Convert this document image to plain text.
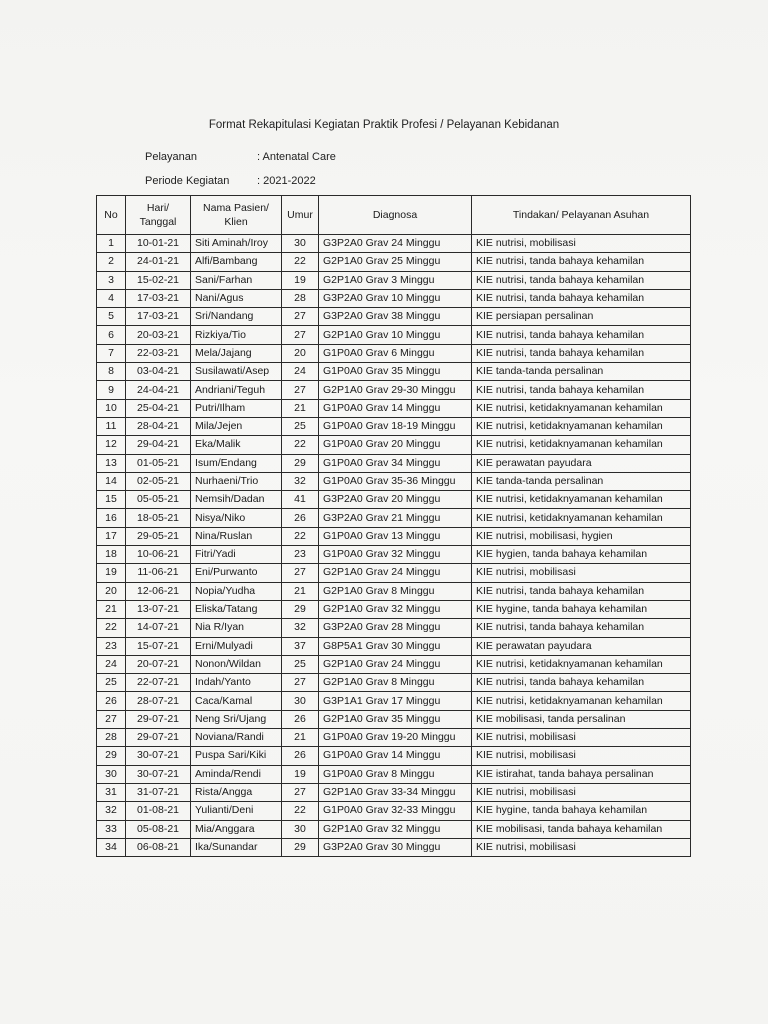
Format Rekapitulasi Kegiatan Praktik Profesi / Pelayanan Kebidanan
Pelayanan	: Antenatal Care
Periode Kegiatan	: 2021-2022
No	Hari/ Tanggal	Nama Pasien/ Klien	Umur	Diagnosa	Tindakan/ Pelayanan Asuhan
1	10-01-21	Siti Aminah/Iroy	30	G3P2A0 Grav 24 Minggu	KIE nutrisi, mobilisasi
2	24-01-21	Alfi/Bambang	22	G2P1A0 Grav 25 Minggu	KIE nutrisi, tanda bahaya kehamilan
3	15-02-21	Sani/Farhan	19	G2P1A0 Grav 3 Minggu	KIE nutrisi, tanda bahaya kehamilan
4	17-03-21	Nani/Agus	28	G3P2A0 Grav 10 Minggu	KIE nutrisi, tanda bahaya kehamilan
5	17-03-21	Sri/Nandang	27	G3P2A0 Grav 38 Minggu	KIE persiapan persalinan
6	20-03-21	Rizkiya/Tio	27	G2P1A0 Grav 10 Minggu	KIE nutrisi, tanda bahaya kehamilan
7	22-03-21	Mela/Jajang	20	G1P0A0 Grav 6 Minggu	KIE nutrisi, tanda bahaya kehamilan
8	03-04-21	Susilawati/Asep	24	G1P0A0 Grav 35 Minggu	KIE tanda-tanda persalinan
9	24-04-21	Andriani/Teguh	27	G2P1A0 Grav 29-30 Minggu	KIE nutrisi, tanda bahaya kehamilan
10	25-04-21	Putri/Ilham	21	G1P0A0 Grav 14 Minggu	KIE nutrisi, ketidaknyamanan kehamilan
11	28-04-21	Mila/Jejen	25	G1P0A0 Grav 18-19 Minggu	KIE nutrisi, ketidaknyamanan kehamilan
12	29-04-21	Eka/Malik	22	G1P0A0 Grav 20 Minggu	KIE nutrisi, ketidaknyamanan kehamilan
13	01-05-21	Isum/Endang	29	G1P0A0 Grav 34 Minggu	KIE perawatan payudara
14	02-05-21	Nurhaeni/Trio	32	G1P0A0 Grav 35-36 Minggu	KIE tanda-tanda persalinan
15	05-05-21	Nemsih/Dadan	41	G3P2A0 Grav 20 Minggu	KIE nutrisi, ketidaknyamanan kehamilan
16	18-05-21	Nisya/Niko	26	G3P2A0 Grav 21 Minggu	KIE nutrisi, ketidaknyamanan kehamilan
17	29-05-21	Nina/Ruslan	22	G1P0A0 Grav 13 Minggu	KIE nutrisi, mobilisasi, hygien
18	10-06-21	Fitri/Yadi	23	G1P0A0 Grav 32 Minggu	KIE hygien, tanda bahaya kehamilan
19	11-06-21	Eni/Purwanto	27	G2P1A0 Grav 24 Minggu	KIE nutrisi, mobilisasi
20	12-06-21	Nopia/Yudha	21	G2P1A0 Grav 8 Minggu	KIE nutrisi, tanda bahaya kehamilan
21	13-07-21	Eliska/Tatang	29	G2P1A0 Grav 32 Minggu	KIE hygine, tanda bahaya kehamilan
22	14-07-21	Nia R/Iyan	32	G3P2A0 Grav 28 Minggu	KIE nutrisi, tanda bahaya kehamilan
23	15-07-21	Erni/Mulyadi	37	G8P5A1 Grav 30 Minggu	KIE perawatan payudara
24	20-07-21	Nonon/Wildan	25	G2P1A0 Grav 24 Minggu	KIE nutrisi, ketidaknyamanan kehamilan
25	22-07-21	Indah/Yanto	27	G2P1A0 Grav 8 Minggu	KIE nutrisi, tanda bahaya kehamilan
26	28-07-21	Caca/Kamal	30	G3P1A1 Grav 17 Minggu	KIE nutrisi, ketidaknyamanan kehamilan
27	29-07-21	Neng Sri/Ujang	26	G2P1A0 Grav 35 Minggu	KIE mobilisasi, tanda persalinan
28	29-07-21	Noviana/Randi	21	G1P0A0 Grav 19-20 Minggu	KIE nutrisi, mobilisasi
29	30-07-21	Puspa Sari/Kiki	26	G1P0A0 Grav 14 Minggu	KIE nutrisi, mobilisasi
30	30-07-21	Aminda/Rendi	19	G1P0A0 Grav 8 Minggu	KIE istirahat, tanda bahaya persalinan
31	31-07-21	Rista/Angga	27	G2P1A0 Grav 33-34 Minggu	KIE nutrisi, mobilisasi
32	01-08-21	Yulianti/Deni	22	G1P0A0 Grav 32-33 Minggu	KIE hygine, tanda bahaya kehamilan
33	05-08-21	Mia/Anggara	30	G2P1A0 Grav 32 Minggu	KIE mobilisasi, tanda bahaya kehamilan
34	06-08-21	Ika/Sunandar	29	G3P2A0 Grav 30 Minggu	KIE nutrisi, mobilisasi
